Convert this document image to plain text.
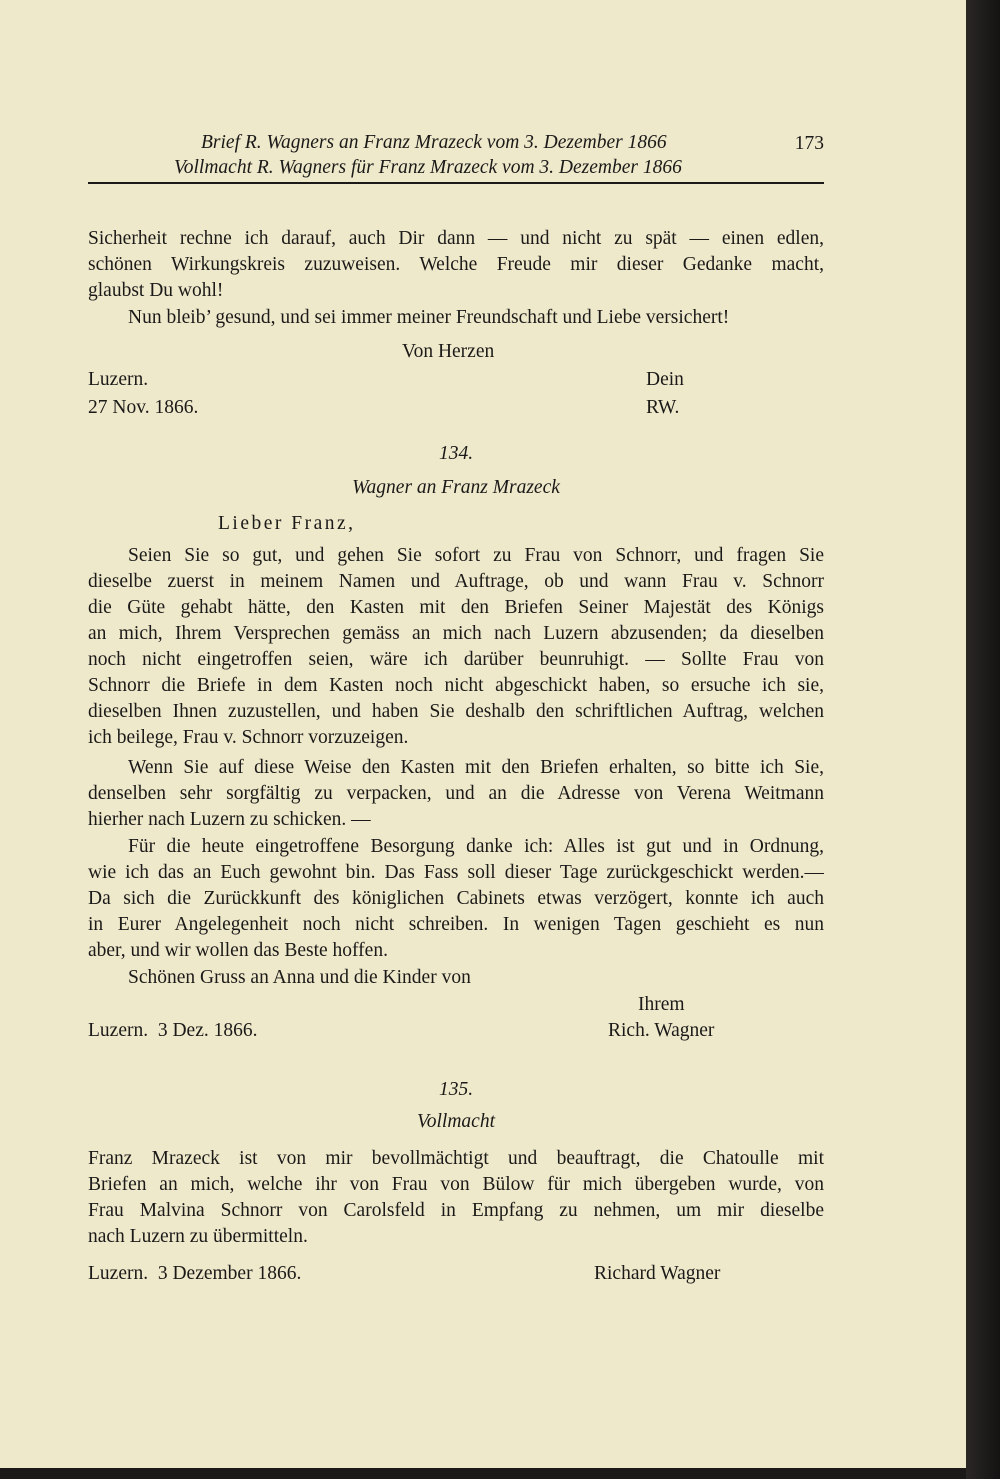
Brief R. Wagners an Franz Mrazeck vom 3. Dezember 1866
Vollmacht R. Wagners für Franz Mrazeck vom 3. Dezember 1866
173
Sicherheit rechne ich darauf, auch Dir dann — und nicht zu spät — einen edlen,
schönen Wirkungskreis zuzuweisen. Welche Freude mir dieser Gedanke macht,
glaubst Du wohl!
Nun bleib’ gesund, und sei immer meiner Freundschaft und Liebe versichert!
Von Herzen
Luzern.
27 Nov. 1866.
Dein
RW.
134.
Wagner an Franz Mrazeck
Lieber Franz,
Seien Sie so gut, und gehen Sie sofort zu Frau von Schnorr, und fragen Sie
dieselbe zuerst in meinem Namen und Auftrage, ob und wann Frau v. Schnorr
die Güte gehabt hätte, den Kasten mit den Briefen Seiner Majestät des Königs
an mich, Ihrem Versprechen gemäss an mich nach Luzern abzusenden; da dieselben
noch nicht eingetroffen seien, wäre ich darüber beunruhigt. — Sollte Frau von
Schnorr die Briefe in dem Kasten noch nicht abgeschickt haben, so ersuche ich sie,
dieselben Ihnen zuzustellen, und haben Sie deshalb den schriftlichen Auftrag, welchen
ich beilege, Frau v. Schnorr vorzuzeigen.
Wenn Sie auf diese Weise den Kasten mit den Briefen erhalten, so bitte ich Sie,
denselben sehr sorgfältig zu verpacken, und an die Adresse von Verena Weitmann
hierher nach Luzern zu schicken. —
Für die heute eingetroffene Besorgung danke ich: Alles ist gut und in Ordnung,
wie ich das an Euch gewohnt bin. Das Fass soll dieser Tage zurückgeschickt werden.—
Da sich die Zurückkunft des königlichen Cabinets etwas verzögert, konnte ich auch
in Eurer Angelegenheit noch nicht schreiben. In wenigen Tagen geschieht es nun
aber, und wir wollen das Beste hoffen.
Schönen Gruss an Anna und die Kinder von
Ihrem
Luzern.  3 Dez. 1866.	Rich. Wagner
135.
Vollmacht
Franz Mrazeck ist von mir bevollmächtigt und beauftragt, die Chatoulle mit
Briefen an mich, welche ihr von Frau von Bülow für mich übergeben wurde, von
Frau Malvina Schnorr von Carolsfeld in Empfang zu nehmen, um mir dieselbe
nach Luzern zu übermitteln.
Luzern.  3 Dezember 1866.	Richard Wagner
